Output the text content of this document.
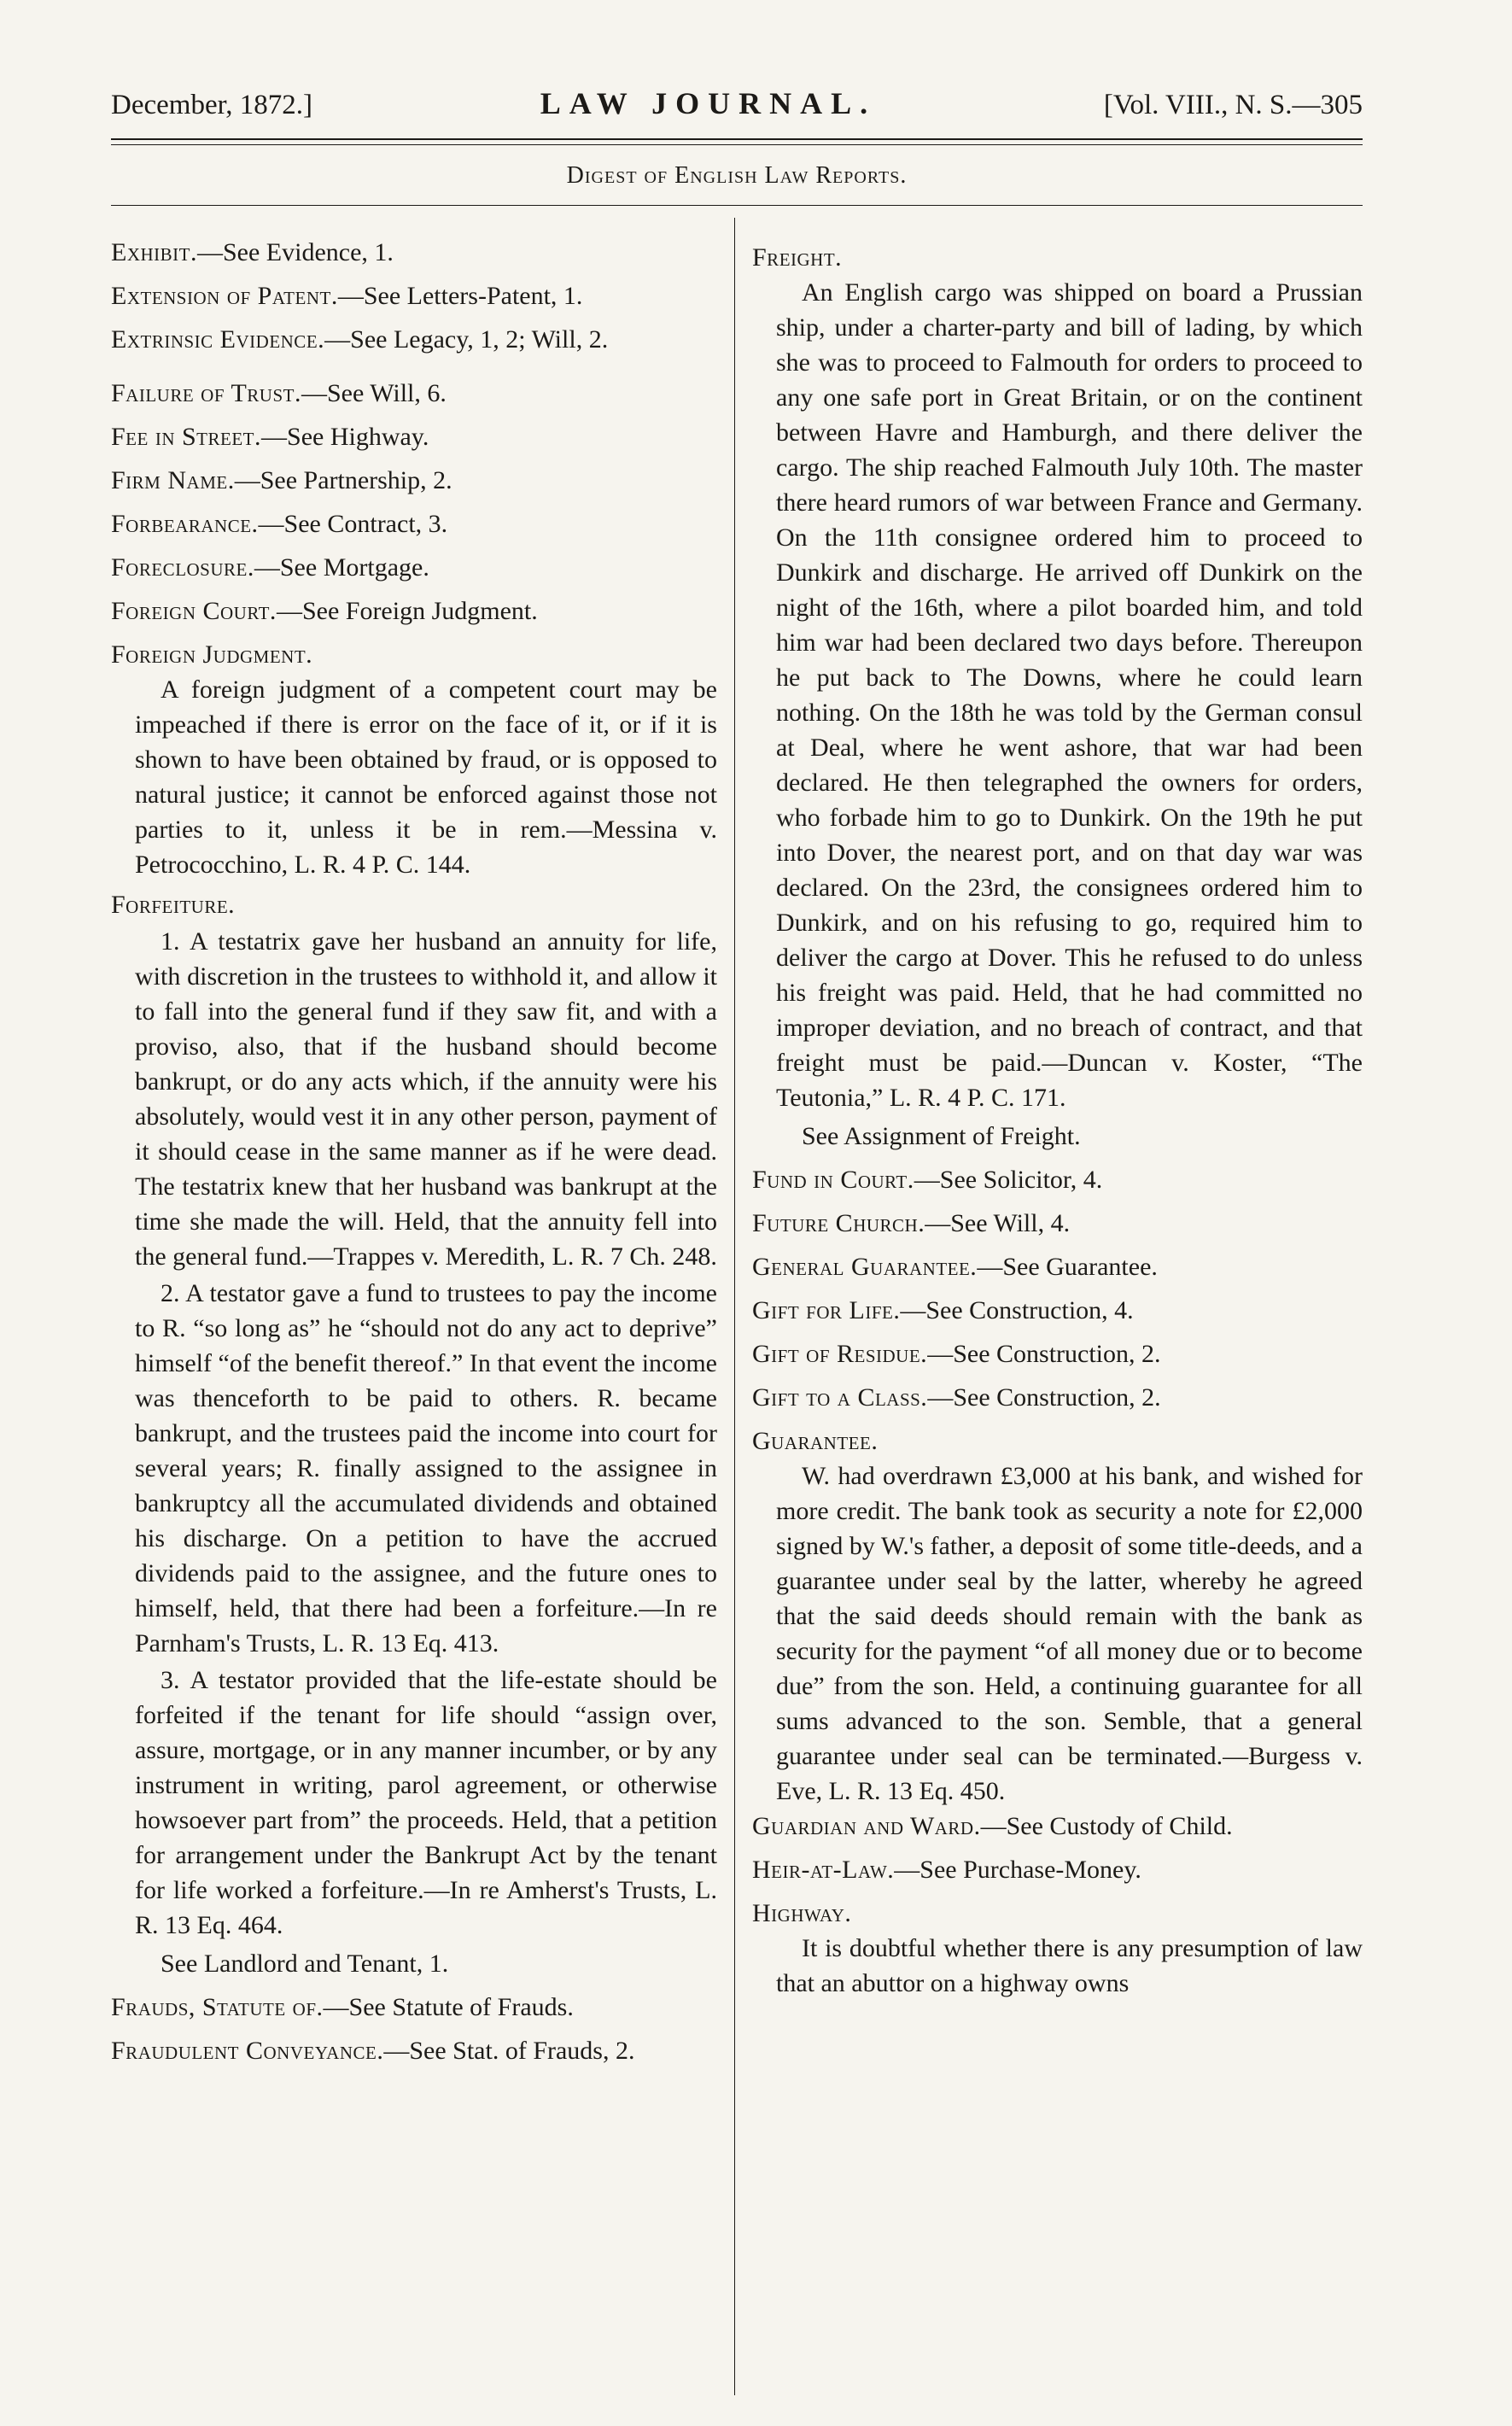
December, 1872.]	LAW JOURNAL.	[Vol. VIII., N. S.—305
Digest of English Law Reports.
Exhibit.—See Evidence, 1.
Extension of Patent.—See Letters-Patent, 1.
Extrinsic Evidence.—See Legacy, 1, 2; Will, 2.
Failure of Trust.—See Will, 6.
Fee in Street.—See Highway.
Firm Name.—See Partnership, 2.
Forbearance.—See Contract, 3.
Foreclosure.—See Mortgage.
Foreign Court.—See Foreign Judgment.
Foreign Judgment.

A foreign judgment of a competent court may be impeached if there is error on the face of it, or if it is shown to have been obtained by fraud, or is opposed to natural justice; it cannot be enforced against those not parties to it, unless it be in rem.—Messina v. Petrococchino, L. R. 4 P. C. 144.

Forfeiture.

1. A testatrix gave her husband an annuity for life, with discretion in the trustees to withhold it, and allow it to fall into the general fund if they saw fit, and with a proviso, also, that if the husband should become bankrupt, or do any acts which, if the annuity were his absolutely, would vest it in any other person, payment of it should cease in the same manner as if he were dead. The testatrix knew that her husband was bankrupt at the time she made the will. Held, that the annuity fell into the general fund.—Trappes v. Meredith, L. R. 7 Ch. 248.

2. A testator gave a fund to trustees to pay the income to R. “so long as” he “should not do any act to deprive” himself “of the benefit thereof.” In that event the income was thenceforth to be paid to others. R. became bankrupt, and the trustees paid the income into court for several years; R. finally assigned to the assignee in bankruptcy all the accumulated dividends and obtained his discharge. On a petition to have the accrued dividends paid to the assignee, and the future ones to himself, held, that there had been a forfeiture.—In re Parnham's Trusts, L. R. 13 Eq. 413.

3. A testator provided that the life-estate should be forfeited if the tenant for life should “assign over, assure, mortgage, or in any manner incumber, or by any instrument in writing, parol agreement, or otherwise howsoever part from” the proceeds. Held, that a petition for arrangement under the Bankrupt Act by the tenant for life worked a forfeiture.—In re Amherst's Trusts, L. R. 13 Eq. 464.

See Landlord and Tenant, 1.
Frauds, Statute of.—See Statute of Frauds.
Fraudulent Conveyance.—See Stat. of Frauds, 2.
Freight.

An English cargo was shipped on board a Prussian ship, under a charter-party and bill of lading, by which she was to proceed to Falmouth for orders to proceed to any one safe port in Great Britain, or on the continent between Havre and Hamburgh, and there deliver the cargo. The ship reached Falmouth July 10th. The master there heard rumors of war between France and Germany. On the 11th consignee ordered him to proceed to Dunkirk and discharge. He arrived off Dunkirk on the night of the 16th, where a pilot boarded him, and told him war had been declared two days before. Thereupon he put back to The Downs, where he could learn nothing. On the 18th he was told by the German consul at Deal, where he went ashore, that war had been declared. He then telegraphed the owners for orders, who forbade him to go to Dunkirk. On the 19th he put into Dover, the nearest port, and on that day war was declared. On the 23rd, the consignees ordered him to Dunkirk, and on his refusing to go, required him to deliver the cargo at Dover. This he refused to do unless his freight was paid. Held, that he had committed no improper deviation, and no breach of contract, and that freight must be paid.—Duncan v. Koster, “The Teutonia,” L. R. 4 P. C. 171.

See Assignment of Freight.
Fund in Court.—See Solicitor, 4.
Future Church.—See Will, 4.
General Guarantee.—See Guarantee.
Gift for Life.—See Construction, 4.
Gift of Residue.—See Construction, 2.
Gift to a Class.—See Construction, 2.
Guarantee.

W. had overdrawn £3,000 at his bank, and wished for more credit. The bank took as security a note for £2,000 signed by W.'s father, a deposit of some title-deeds, and a guarantee under seal by the latter, whereby he agreed that the said deeds should remain with the bank as security for the payment “of all money due or to become due” from the son. Held, a continuing guarantee for all sums advanced to the son. Semble, that a general guarantee under seal can be terminated.—Burgess v. Eve, L. R. 13 Eq. 450.

Guardian and Ward.—See Custody of Child.
Heir-at-Law.—See Purchase-Money.
Highway.

It is doubtful whether there is any presumption of law that an abuttor on a highway owns
